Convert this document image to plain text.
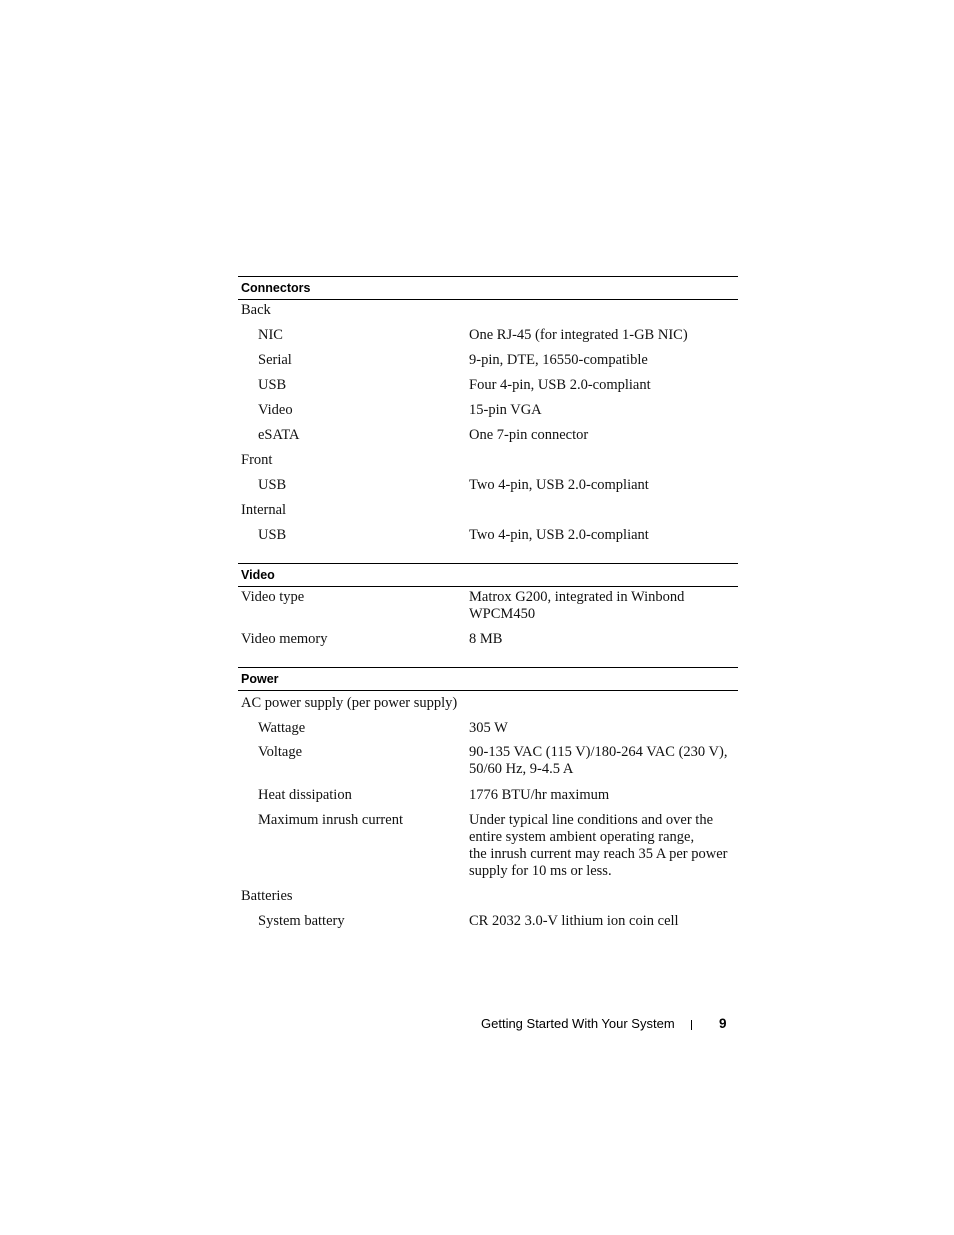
Connectors
Back
NIC	One RJ-45 (for integrated 1-GB NIC)
Serial	9-pin, DTE, 16550-compatible
USB	Four 4-pin, USB 2.0-compliant
Video	15-pin VGA
eSATA	One 7-pin connector
Front
USB	Two 4-pin, USB 2.0-compliant
Internal
USB	Two 4-pin, USB 2.0-compliant
Video
Video type	Matrox G200, integrated in Winbond
WPCM450
Video memory	8 MB
Power
AC power supply (per power supply)
Wattage	305 W
Voltage	90-135 VAC (115 V)/180-264 VAC (230 V),
50/60 Hz, 9-4.5 A
Heat dissipation	1776 BTU/hr maximum
Maximum inrush current	Under typical line conditions and over the
entire system ambient operating range,
the inrush current may reach 35 A per power
supply for 10 ms or less.
Batteries
System battery	CR 2032 3.0-V lithium ion coin cell
Getting Started With Your System	9
